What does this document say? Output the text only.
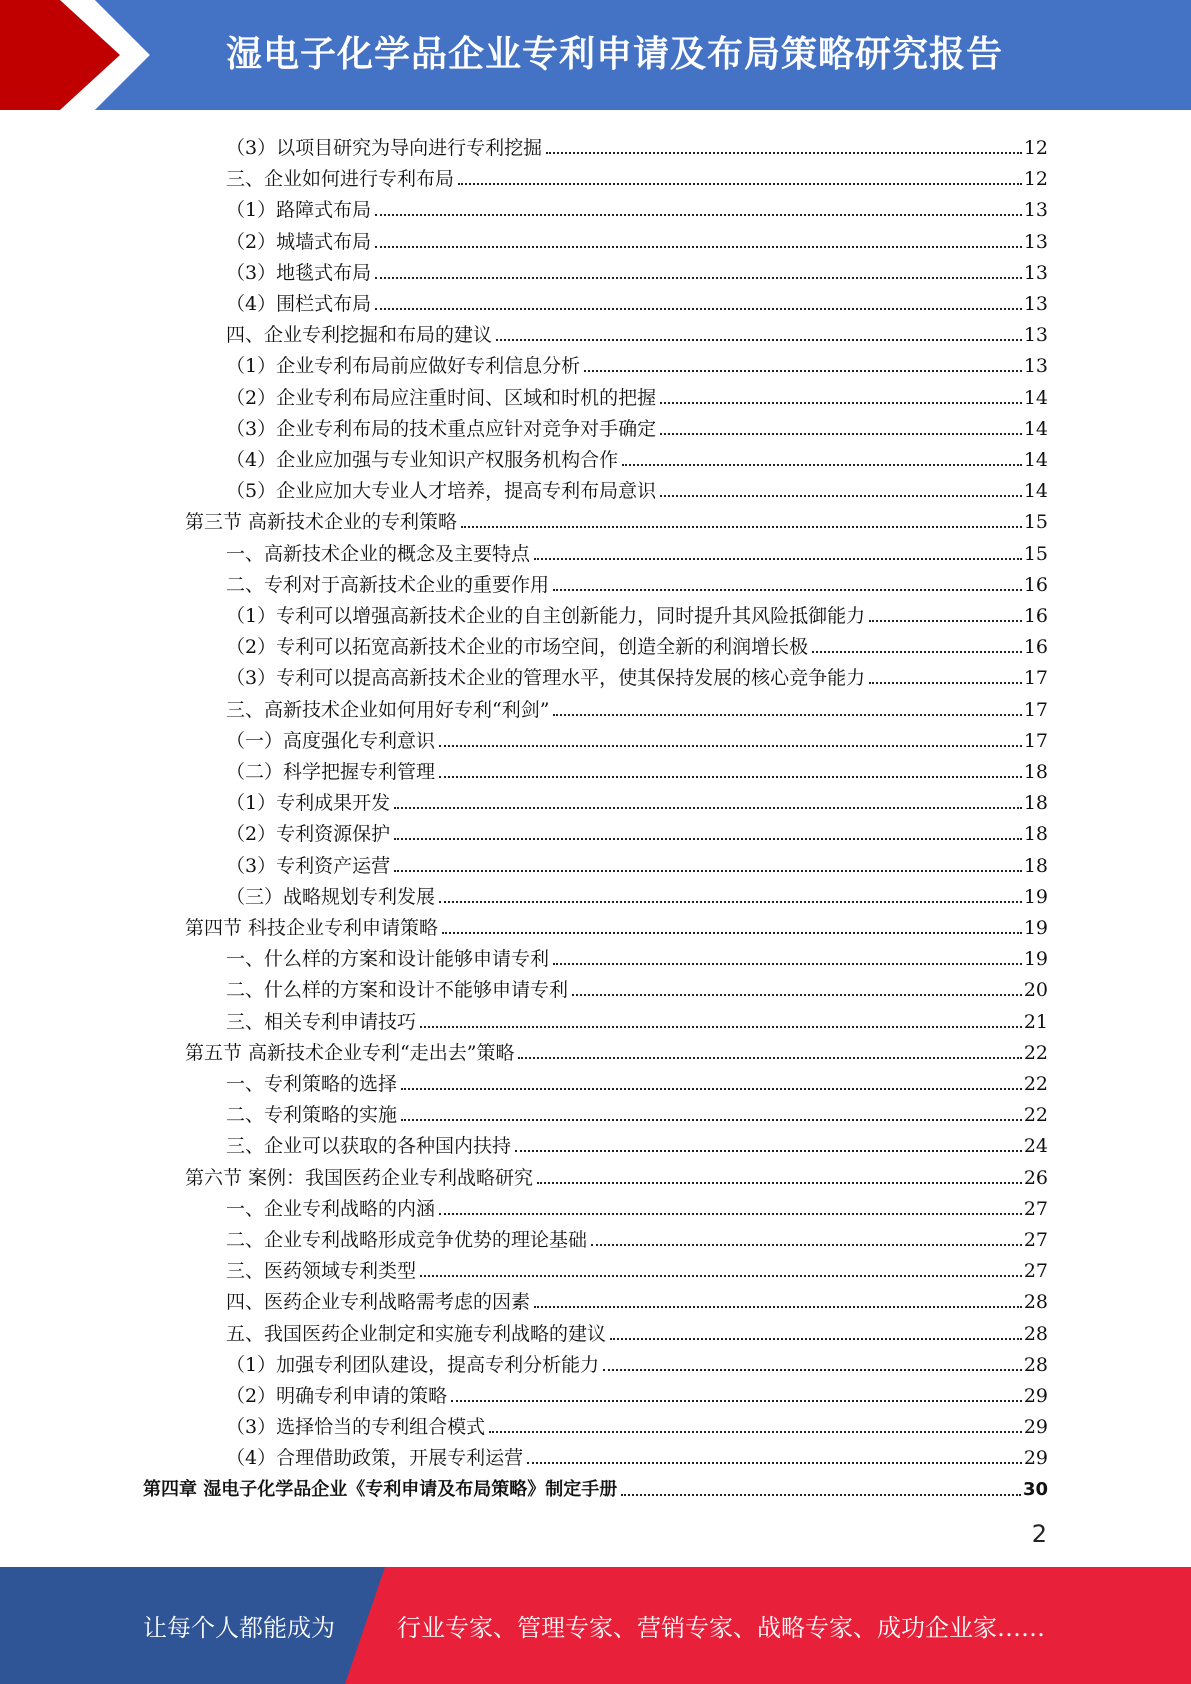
湿电子化学品企业专利申请及布局策略研究报告
（3）以项目研究为导向进行专利挖掘	12
三、企业如何进行专利布局	12
（1）路障式布局	13
（2）城墙式布局	13
（3）地毯式布局	13
（4）围栏式布局	13
四、企业专利挖掘和布局的建议	13
（1）企业专利布局前应做好专利信息分析	13
（2）企业专利布局应注重时间、区域和时机的把握	14
（3）企业专利布局的技术重点应针对竞争对手确定	14
（4）企业应加强与专业知识产权服务机构合作	14
（5）企业应加大专业人才培养，提高专利布局意识	14
第三节 高新技术企业的专利策略	15
一、高新技术企业的概念及主要特点	15
二、专利对于高新技术企业的重要作用	16
（1）专利可以增强高新技术企业的自主创新能力，同时提升其风险抵御能力	16
（2）专利可以拓宽高新技术企业的市场空间，创造全新的利润增长极	16
（3）专利可以提高高新技术企业的管理水平，使其保持发展的核心竞争能力	17
三、高新技术企业如何用好专利“利剑”	17
（一）高度强化专利意识	17
（二）科学把握专利管理	18
（1）专利成果开发	18
（2）专利资源保护	18
（3）专利资产运营	18
（三）战略规划专利发展	19
第四节 科技企业专利申请策略	19
一、什么样的方案和设计能够申请专利	19
二、什么样的方案和设计不能够申请专利	20
三、相关专利申请技巧	21
第五节 高新技术企业专利“走出去”策略	22
一、专利策略的选择	22
二、专利策略的实施	22
三、企业可以获取的各种国内扶持	24
第六节 案例：我国医药企业专利战略研究	26
一、企业专利战略的内涵	27
二、企业专利战略形成竞争优势的理论基础	27
三、医药领域专利类型	27
四、医药企业专利战略需考虑的因素	28
五、我国医药企业制定和实施专利战略的建议	28
（1）加强专利团队建设，提高专利分析能力	28
（2）明确专利申请的策略	29
（3）选择恰当的专利组合模式	29
（4）合理借助政策，开展专利运营	29
第四章 湿电子化学品企业《专利申请及布局策略》制定手册	30
2
让每个人都能成为	行业专家、管理专家、营销专家、战略专家、成功企业家……
